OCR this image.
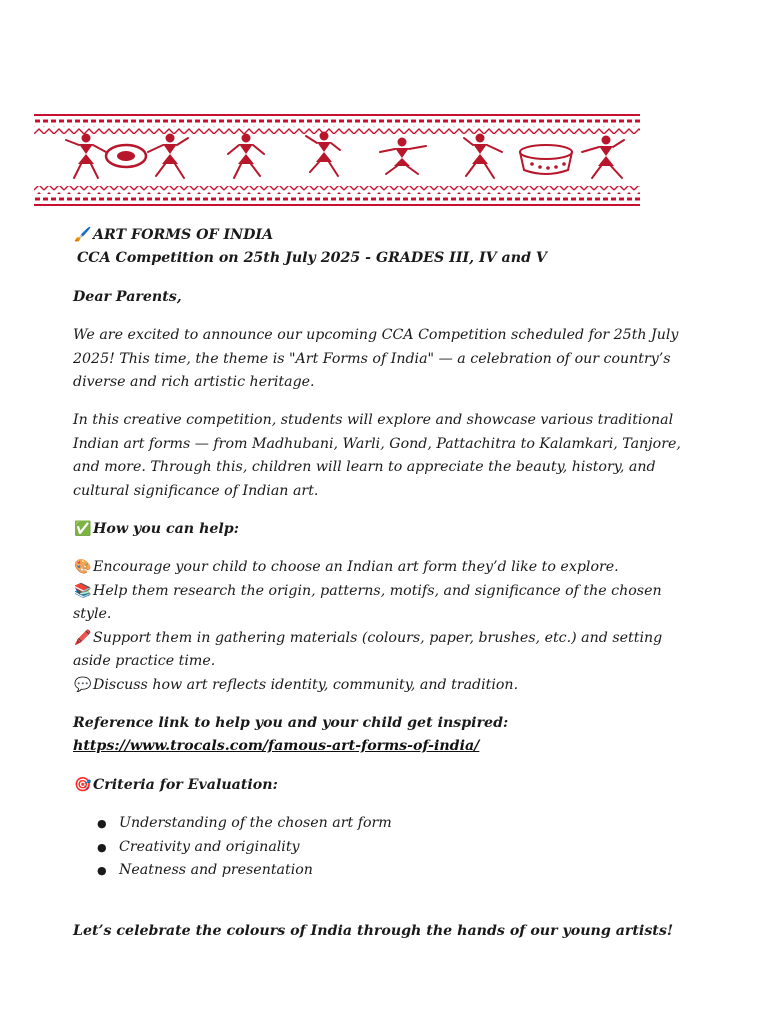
🖌️ART FORMS OF INDIA

CCA Competition on 25th July 2025 - GRADES III, IV and V

Dear Parents,

We are excited to announce our upcoming CCA Competition scheduled for 25th July 2025! This time, the theme is "Art Forms of India" — a celebration of our country’s diverse and rich artistic heritage.

In this creative competition, students will explore and showcase various traditional Indian art forms — from Madhubani, Warli, Gond, Pattachitra to Kalamkari, Tanjore, and more. Through this, children will learn to appreciate the beauty, history, and cultural significance of Indian art.

✅How you can help:

🎨Encourage your child to choose an Indian art form they’d like to explore.

📚Help them research the origin, patterns, motifs, and significance of the chosen style.

🖍️Support them in gathering materials (colours, paper, brushes, etc.) and setting aside practice time.

💬Discuss how art reflects identity, community, and tradition.

Reference link to help you and your child get inspired:

https://www.trocals.com/famous-art-forms-of-india/

🎯Criteria for Evaluation:

● Understanding of the chosen art form
● Creativity and originality
● Neatness and presentation

Let’s celebrate the colours of India through the hands of our young artists!
